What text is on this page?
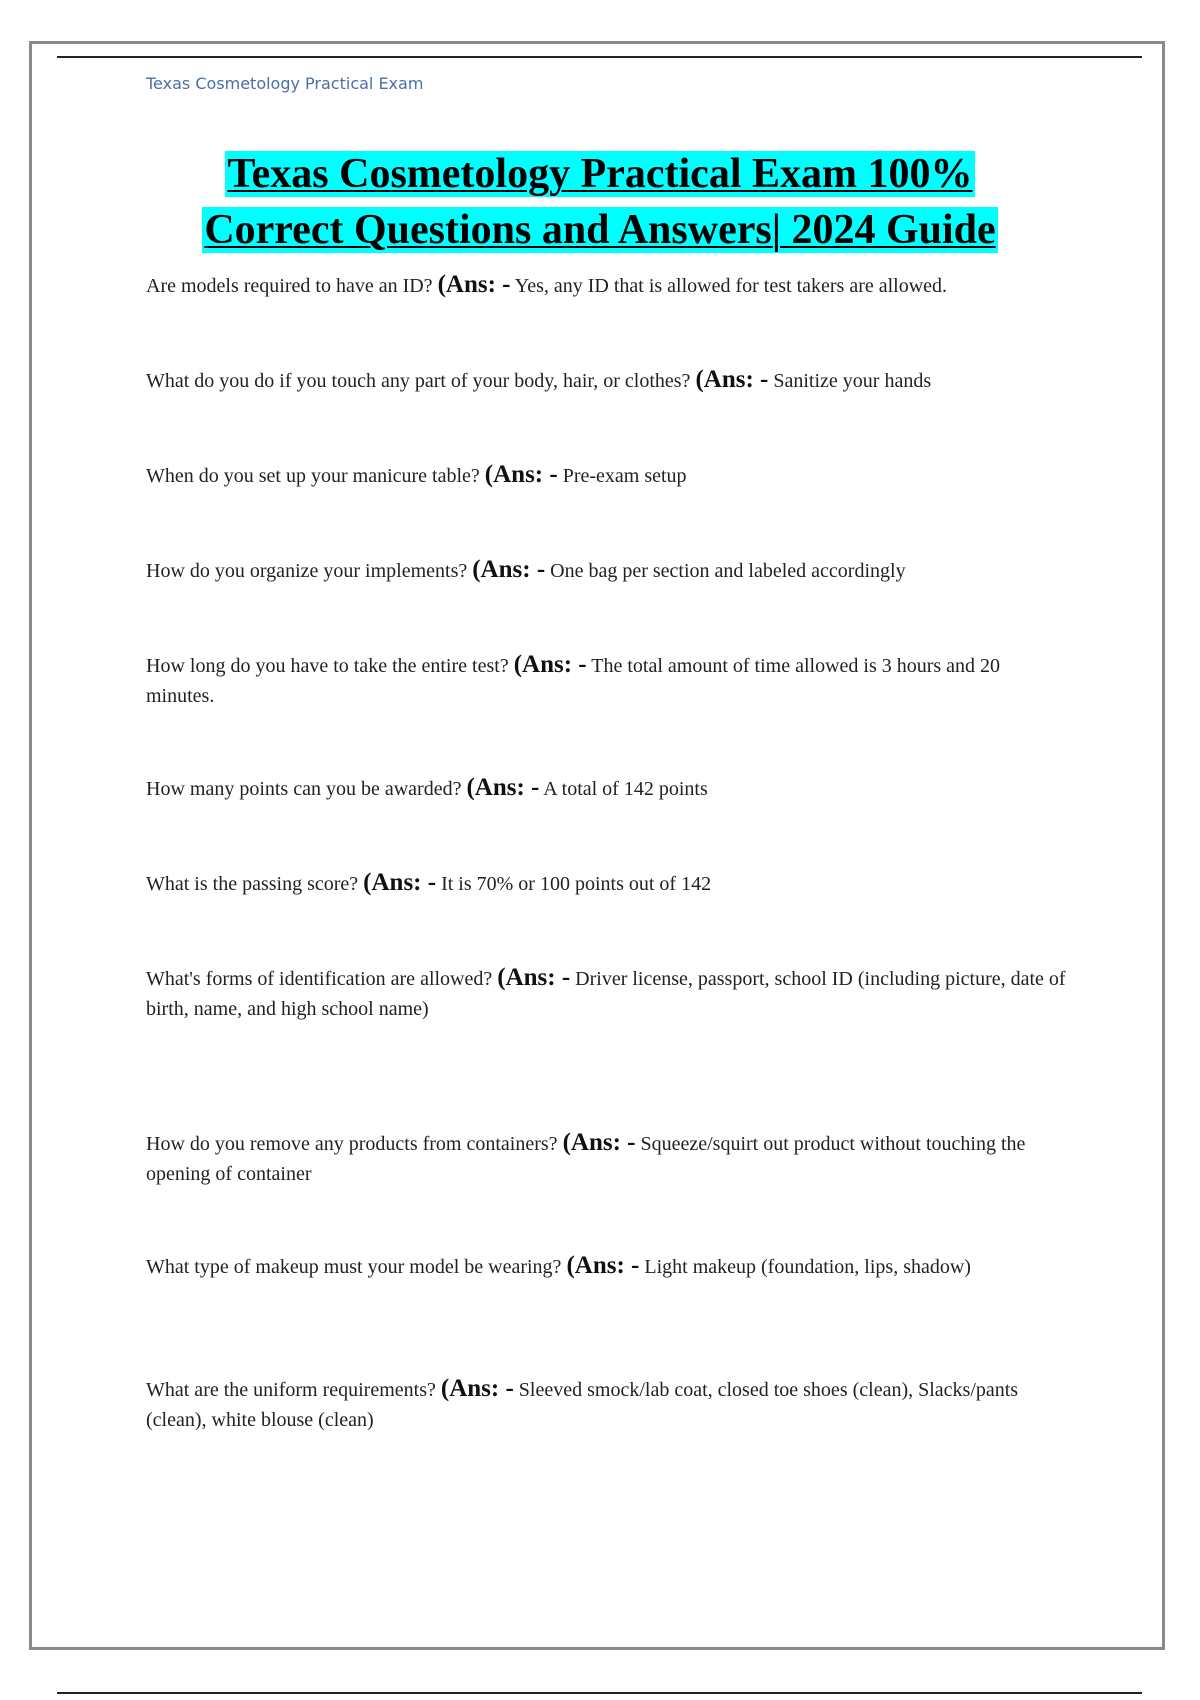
Texas Cosmetology Practical Exam
Texas Cosmetology Practical Exam 100%
Correct Questions and Answers| 2024 Guide
Are models required to have an ID? (Ans: - Yes, any ID that is allowed for test takers are allowed.
What do you do if you touch any part of your body, hair, or clothes? (Ans: - Sanitize your hands
When do you set up your manicure table? (Ans: - Pre-exam setup
How do you organize your implements? (Ans: - One bag per section and labeled accordingly
How long do you have to take the entire test? (Ans: - The total amount of time allowed is 3 hours and 20 minutes.
How many points can you be awarded? (Ans: - A total of 142 points
What is the passing score? (Ans: - It is 70% or 100 points out of 142
What's forms of identification are allowed? (Ans: - Driver license, passport, school ID (including picture, date of birth, name, and high school name)
How do you remove any products from containers? (Ans: - Squeeze/squirt out product without touching the opening of container
What type of makeup must your model be wearing? (Ans: - Light makeup (foundation, lips, shadow)
What are the uniform requirements? (Ans: - Sleeved smock/lab coat, closed toe shoes (clean), Slacks/pants (clean), white blouse (clean)
